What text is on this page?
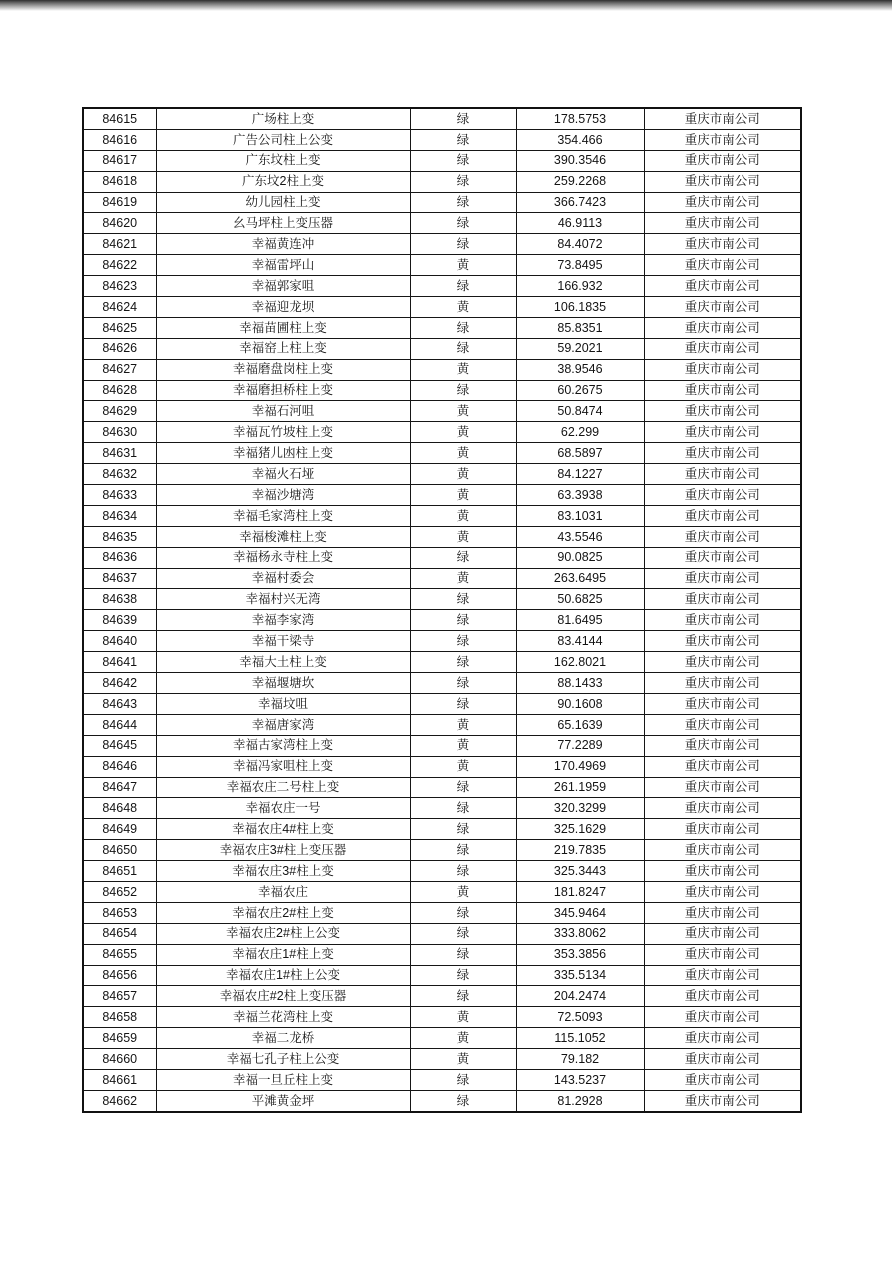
84615	广场柱上变	绿	178.5753	重庆市南公司
84616	广告公司柱上公变	绿	354.466	重庆市南公司
84617	广东坟柱上变	绿	390.3546	重庆市南公司
84618	广东坟2柱上变	绿	259.2268	重庆市南公司
84619	幼儿园柱上变	绿	366.7423	重庆市南公司
84620	幺马坪柱上变压器	绿	46.9113	重庆市南公司
84621	幸福黄连冲	绿	84.4072	重庆市南公司
84622	幸福雷坪山	黄	73.8495	重庆市南公司
84623	幸福郭家咀	绿	166.932	重庆市南公司
84624	幸福迎龙坝	黄	106.1835	重庆市南公司
84625	幸福苗圃柱上变	绿	85.8351	重庆市南公司
84626	幸福窑上柱上变	绿	59.2021	重庆市南公司
84627	幸福磨盘岗柱上变	黄	38.9546	重庆市南公司
84628	幸福磨担桥柱上变	绿	60.2675	重庆市南公司
84629	幸福石河咀	黄	50.8474	重庆市南公司
84630	幸福瓦竹坡柱上变	黄	62.299	重庆市南公司
84631	幸福猪儿凼柱上变	黄	68.5897	重庆市南公司
84632	幸福火石垭	黄	84.1227	重庆市南公司
84633	幸福沙塘湾	黄	63.3938	重庆市南公司
84634	幸福毛家湾柱上变	黄	83.1031	重庆市南公司
84635	幸福梭滩柱上变	黄	43.5546	重庆市南公司
84636	幸福杨永寺柱上变	绿	90.0825	重庆市南公司
84637	幸福村委会	黄	263.6495	重庆市南公司
84638	幸福村兴无湾	绿	50.6825	重庆市南公司
84639	幸福李家湾	绿	81.6495	重庆市南公司
84640	幸福干梁寺	绿	83.4144	重庆市南公司
84641	幸福大土柱上变	绿	162.8021	重庆市南公司
84642	幸福堰塘坎	绿	88.1433	重庆市南公司
84643	幸福坟咀	绿	90.1608	重庆市南公司
84644	幸福唐家湾	黄	65.1639	重庆市南公司
84645	幸福古家湾柱上变	黄	77.2289	重庆市南公司
84646	幸福冯家咀柱上变	黄	170.4969	重庆市南公司
84647	幸福农庄二号柱上变	绿	261.1959	重庆市南公司
84648	幸福农庄一号	绿	320.3299	重庆市南公司
84649	幸福农庄4#柱上变	绿	325.1629	重庆市南公司
84650	幸福农庄3#柱上变压器	绿	219.7835	重庆市南公司
84651	幸福农庄3#柱上变	绿	325.3443	重庆市南公司
84652	幸福农庄	黄	181.8247	重庆市南公司
84653	幸福农庄2#柱上变	绿	345.9464	重庆市南公司
84654	幸福农庄2#柱上公变	绿	333.8062	重庆市南公司
84655	幸福农庄1#柱上变	绿	353.3856	重庆市南公司
84656	幸福农庄1#柱上公变	绿	335.5134	重庆市南公司
84657	幸福农庄#2柱上变压器	绿	204.2474	重庆市南公司
84658	幸福兰花湾柱上变	黄	72.5093	重庆市南公司
84659	幸福二龙桥	黄	115.1052	重庆市南公司
84660	幸福七孔子柱上公变	黄	79.182	重庆市南公司
84661	幸福一旦丘柱上变	绿	143.5237	重庆市南公司
84662	平滩黄金坪	绿	81.2928	重庆市南公司
